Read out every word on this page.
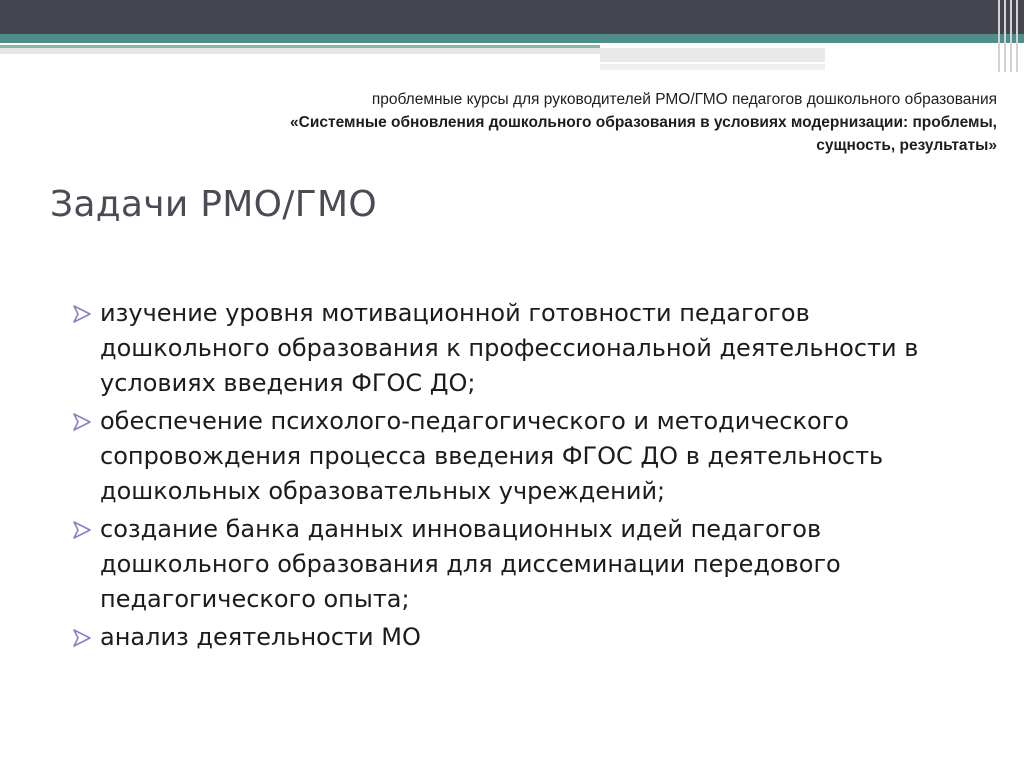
проблемные курсы для руководителей РМО/ГМО педагогов дошкольного образования
«Системные обновления дошкольного образования в условиях модернизации: проблемы,
сущность, результаты»
Задачи РМО/ГМО
изучение уровня мотивационной готовности педагогов дошкольного образования к профессиональной деятельности в условиях введения ФГОС ДО;
обеспечение психолого-педагогического и методического сопровождения процесса введения ФГОС ДО в деятельность дошкольных образовательных учреждений;
создание банка данных инновационных идей педагогов дошкольного образования для диссеминации передового педагогического опыта;
анализ деятельности МО
